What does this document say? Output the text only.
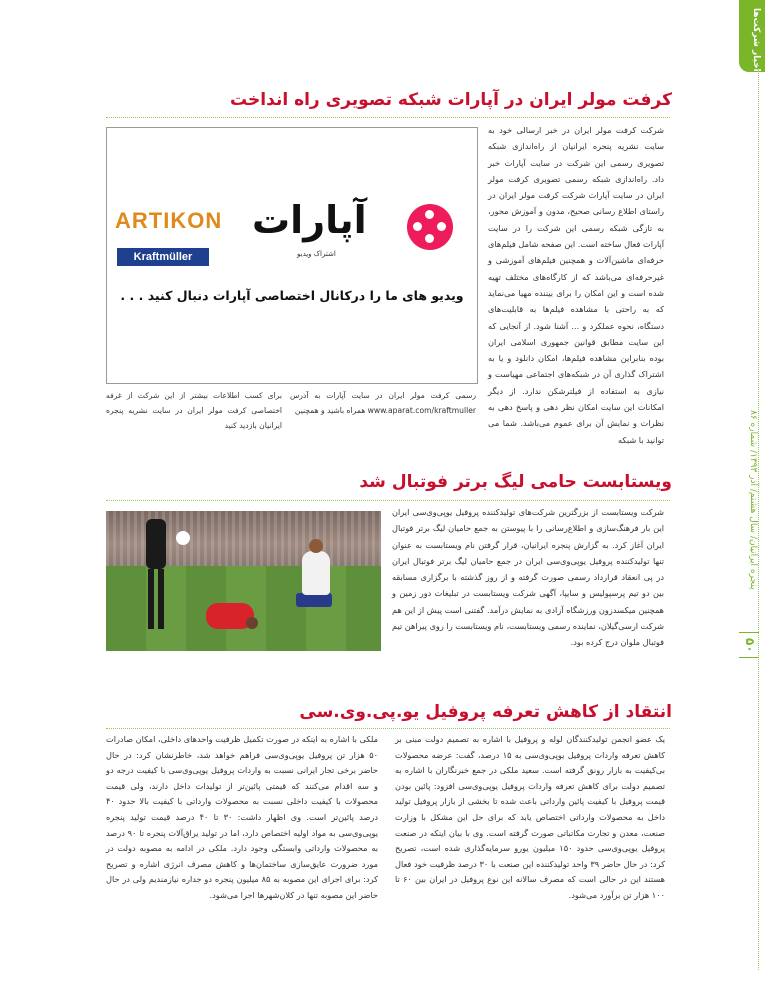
اخبار شرکت‌ها
پنجره ایرانیان/ سال هشتم/ آذر ۱۳۹۳/ شماره ۸۶
۵۰
کرفت مولر ایران در آپارات شبکه تصویری راه انداخت
شرکت کرفت مولر ایران در خبر ارسالی خود به سایت نشریه پنجره ایرانیان از راه‌اندازی شبکه تصویری رسمی این شرکت در سایت آپارات خبر داد. راه‌اندازی شبکه رسمی تصویری کرفت مولر ایران در سایت آپارات شرکت کرفت مولر ایران در راستای اطلاع رسانی صحیح، مدون و آموزش محور، به تازگی شبکه رسمی این شرکت را در سایت آپارات فعال ساخته است. این صفحه شامل فیلم‌های حرفه‌ای ماشین‌آلات و همچنین فیلم‌های آموزشی و غیرحرفه‌ای می‌باشد که از کارگاه‌های مختلف تهیه شده است و این امکان را برای بیننده مهیا می‌نماید که به راحتی با مشاهده فیلم‌ها به قابلیت‌های دستگاه، نحوه عملکرد و ... آشنا شود. از آنجایی که این سایت مطابق قوانین جمهوری اسلامی ایران بوده بنابراین مشاهده فیلم‌ها، امکان دانلود و یا به اشتراک گذاری آن در شبکه‌های اجتماعی مهیاست و نیازی به استفاده از فیلترشکن ندارد. از دیگر امکانات این سایت امکان نظر دهی و پاسخ دهی به نظرات و نمایش آن برای عموم می‌باشد. شما می توانید با شبکه
آپارات
اشتراک ویدیو
ARTIKON
Kraftmüller
ویدیو های ما را درکانال اختصاصی آپارات دنبال کنید . . .
رسمی کرفت مولر ایران در سایت آپارات به آدرس www.aparat.com/kraftmuller همراه باشید و همچنین
برای کسب اطلاعات بیشتر از این شرکت از غرفه اختصاصی کرفت مولر ایران در سایت نشریه پنجره ایرانیان بازدید کنید
ویستابست حامی لیگ برتر فوتبال شد
شرکت ویستابست از بزرگترین شرکت‌های تولیدکننده پروفیل یوپی‌وی‌سی ایران این بار فرهنگ‌سازی و اطلاع‌رسانی را با پیوستن به جمع حامیان لیگ برتر فوتبال ایران آغاز کرد. به گزارش پنجره ایرانیان، قرار گرفتن نام ویستابست به عنوان تنها تولیدکننده پروفیل یوپی‌وی‌سی ایران در جمع حامیان لیگ برتر فوتبال ایران در پی انعقاد قرارداد رسمی صورت گرفته و از روز گذشته با برگزاری مسابقه بین دو تیم پرسپولیس و سایپا، آگهی شرکت ویستابست در تبلیغات دور زمین و همچنین میکسدزون ورزشگاه آزادی به نمایش درآمد. گفتنی است پیش از این هم شرکت ارسی‌گیلان، نماینده رسمی ویستابست، نام ویستابست را روی پیراهن تیم فوتبال ملوان درج کرده بود.
انتقاد از کاهش تعرفه پروفیل یو.پی.وی.سی
یک عضو انجمن تولیدکنندگان لوله و پروفیل با اشاره به تصمیم دولت مبنی بر کاهش تعرفه واردات پروفیل یوپی‌وی‌سی به ۱۵ درصد، گفت: عرضه محصولات بی‌کیفیت به بازار رونق گرفته است. سعید ملکی در جمع خبرنگاران با اشاره به تصمیم دولت برای کاهش تعرفه واردات پروفیل یوپی‌وی‌سی افزود: پائین بودن قیمت پروفیل با کیفیت پائین وارداتی باعث شده تا بخشی از بازار پروفیل تولید داخل به محصولات وارداتی اختصاص یابد که برای حل این مشکل با وزارت صنعت، معدن و تجارت مکاتباتی صورت گرفته است. وی با بیان اینکه در صنعت پروفیل یوپی‌وی‌سی حدود ۱۵۰ میلیون یورو سرمایه‌گذاری شده است، تصریح کرد: در حال حاضر ۳۹ واحد تولیدکننده این صنعت با ۳۰ درصد ظرفیت خود فعال هستند این در حالی است که مصرف سالانه این نوع پروفیل در ایران بین ۶۰ تا ۱۰۰ هزار تن برآورد می‌شود.
ملکی با اشاره به اینکه در صورت تکمیل ظرفیت واحدهای داخلی، امکان صادرات ۵۰ هزار تن پروفیل یوپی‌وی‌سی فراهم خواهد شد، خاطرنشان کرد: در حال حاضر برخی تجار ایرانی نسبت به واردات پروفیل یوپی‌وی‌سی با کیفیت درجه دو و سه اقدام می‌کنند که قیمتی پائین‌تر از تولیدات داخل دارند، ولی قیمت محصولات با کیفیت داخلی نسبت به محصولات وارداتی با کیفیت بالا حدود ۴۰ درصد پائین‌تر است. وی اظهار داشت: ۳۰ تا ۴۰ درصد قیمت تولید پنجره یوپی‌وی‌سی به مواد اولیه اختصاص دارد، اما در تولید یراق‌آلات پنجره تا ۹۰ درصد به محصولات وارداتی وابستگی وجود دارد. ملکی در ادامه به مصوبه دولت در مورد ضرورت عایق‌سازی ساختمان‌ها و کاهش مصرف انرژی اشاره و تصریح کرد: برای اجرای این مصوبه به ۸۵ میلیون پنجره دو جداره نیازمندیم ولی در حال حاضر این مصوبه تنها در کلان‌شهرها اجرا می‌شود.
